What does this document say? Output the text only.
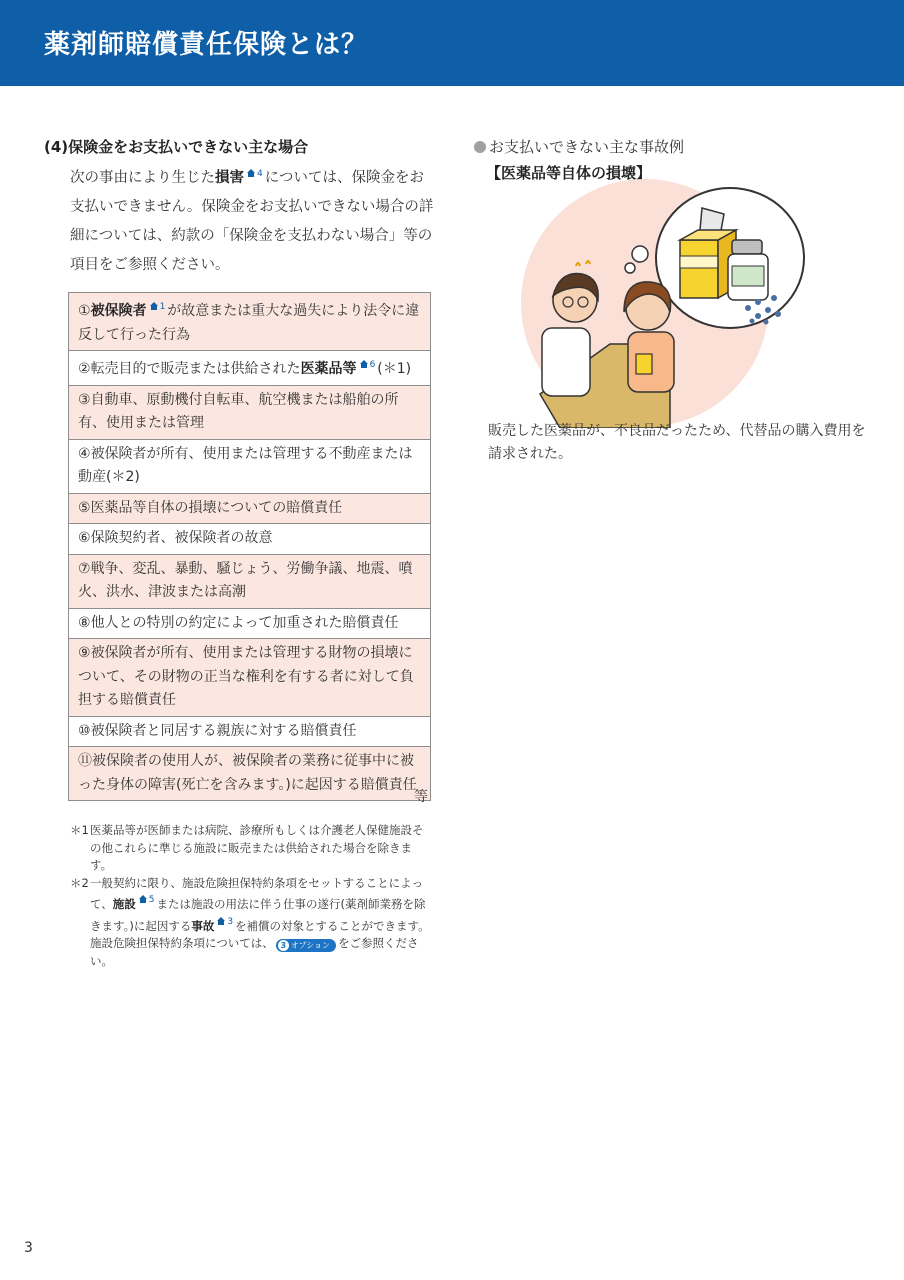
薬剤師賠償責任保険とは？
(4)保険金をお支払いできない主な場合
次の事由により生じた損害 4 については、保険金をお支払いできません。保険金をお支払いできない場合の詳細については、約款の「保険金を支払わない場合」等の項目をご参照ください。
①被保険者 1 が故意または重大な過失により法令に違反して行った行為
②転売目的で販売または供給された医薬品等 6 (＊1)
③自動車、原動機付自転車、航空機または船舶の所有、使用または管理
④被保険者が所有、使用または管理する不動産または動産(＊2)
⑤医薬品等自体の損壊についての賠償責任
⑥保険契約者、被保険者の故意
⑦戦争、変乱、暴動、騒じょう、労働争議、地震、噴火、洪水、津波または高潮
⑧他人との特別の約定によって加重された賠償責任
⑨被保険者が所有、使用または管理する財物の損壊について、その財物の正当な権利を有する者に対して負担する賠償責任
⑩被保険者と同居する親族に対する賠償責任
⑪被保険者の使用人が、被保険者の業務に従事中に被った身体の障害(死亡を含みます。)に起因する賠償責任
等
＊1 医薬品等が医師または病院、診療所もしくは介護老人保健施設その他これらに準じる施設に販売または供給された場合を除きます。
＊2 一般契約に限り、施設危険担保特約条項をセットすることによって、施設 5 または施設の用法に伴う仕事の遂行(薬剤師業務を除きます。)に起因する事故 3 を補償の対象とすることができます。施設危険担保特約条項については、 3 オプション をご参照ください。
お支払いできない主な事故例
【医薬品等自体の損壊】
販売した医薬品が、不良品だったため、代替品の購入費用を請求された。
3
